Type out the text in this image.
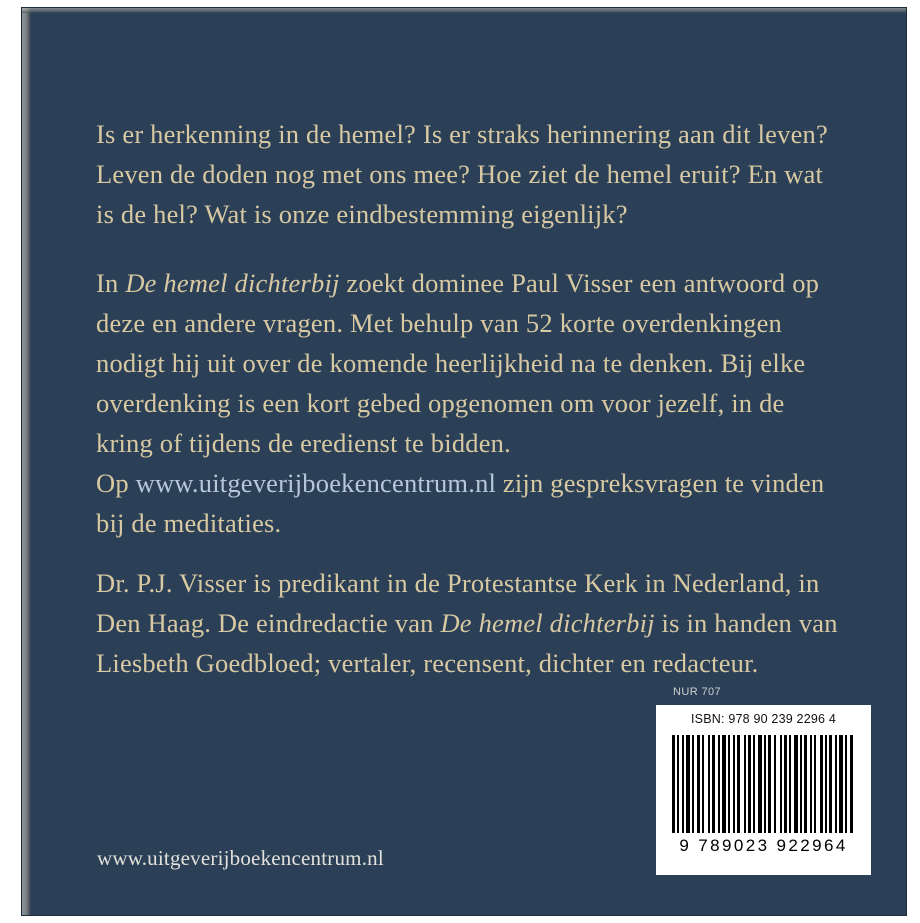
Is er herkenning in de hemel? Is er straks herinnering aan dit leven? Leven de doden nog met ons mee? Hoe ziet de hemel eruit? En wat is de hel? Wat is onze eindbestemming eigenlijk?

In De hemel dichterbij zoekt dominee Paul Visser een antwoord op deze en andere vragen. Met behulp van 52 korte overdenkingen nodigt hij uit over de komende heerlijkheid na te denken. Bij elke overdenking is een kort gebed opgenomen om voor jezelf, in de kring of tijdens de eredienst te bidden.

Op www.uitgeverijboekencentrum.nl zijn gespreksvragen te vinden bij de meditaties.

Dr. P.J. Visser is predikant in de Protestantse Kerk in Nederland, in Den Haag. De eindredactie van De hemel dichterbij is in handen van Liesbeth Goedbloed; vertaler, recensent, dichter en redacteur.

NUR 707
ISBN: 978 90 239 2296 4
9 789023 922964
www.uitgeverijboekencentrum.nl
